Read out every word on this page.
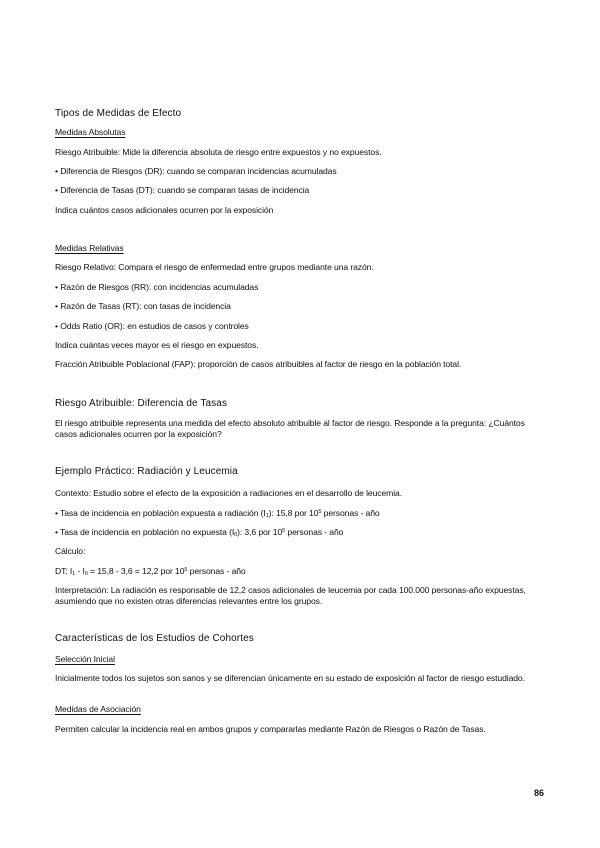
Tipos de Medidas de Efecto
Medidas Absolutas
Riesgo Atribuible: Mide la diferencia absoluta de riesgo entre expuestos y no expuestos.
• Diferencia de Riesgos (DR): cuando se comparan incidencias acumuladas
• Diferencia de Tasas (DT): cuando se comparan tasas de incidencia
Indica cuántos casos adicionales ocurren por la exposición
Medidas Relativas
Riesgo Relativo: Compara el riesgo de enfermedad entre grupos mediante una razón.
• Razón de Riesgos (RR): con incidencias acumuladas
• Razón de Tasas (RT): con tasas de incidencia
• Odds Ratio (OR): en estudios de casos y controles
Indica cuántas veces mayor es el riesgo en expuestos.
Fracción Atribuible Poblacional (FAP): proporción de casos atribuibles al factor de riesgo en la población total.
Riesgo Atribuible: Diferencia de Tasas
El riesgo atribuible representa una medida del efecto absoluto atribuible al factor de riesgo. Responde a la pregunta: ¿Cuántos casos adicionales ocurren por la exposición?
Ejemplo Práctico: Radiación y Leucemia
Contexto: Estudio sobre el efecto de la exposición a radiaciones en el desarrollo de leucemia.
• Tasa de incidencia en población expuesta a radiación $(I_1)$: 15,8 por $10^5$ personas - año
• Tasa de incidencia en población no expuesta $(I_0)$: 3,6 por $10^5$ personas - año
Cálculo:
DT: $I_1 - I_0 = 15,8 - 3,6 = 12,2$ por $10^5$ personas - año
Interpretación: La radiación es responsable de 12,2 casos adicionales de leucemia por cada 100.000 personas-año expuestas, asumiendo que no existen otras diferencias relevantes entre los grupos.
Características de los Estudios de Cohortes
Selección Inicial
Inicialmente todos los sujetos son sanos y se diferencian únicamente en su estado de exposición al factor de riesgo estudiado.
Medidas de Asociación
Permiten calcular la incidencia real en ambos grupos y compararlas mediante Razón de Riesgos o Razón de Tasas.
86
